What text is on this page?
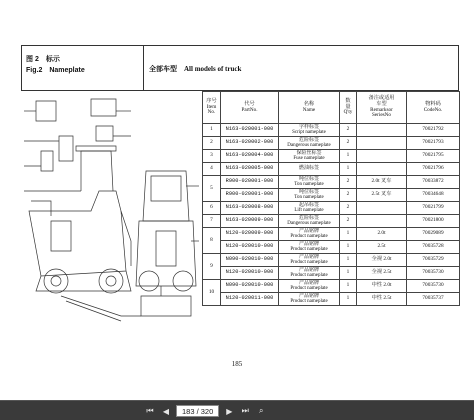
图 2　标示
Fig.2　Nameplate	全部车型 All models of truck
序号
Item
No.	代号
PartNo.	名称
Name	数
量
Q'ty	备注或适用
车型
Remarksor
SeriesNo	物料码
CodeNo.
1	N163-020001-000	字样标签
Script nameplate	2		70021792
2	N163-020002-000	危险标签
Dangerous nameplate	2		70021793
3	N163-020004-000	保险丝标签
Fuse nameplate	1		70021795
4	N163-020005-000	燃油标签	1		70021796
5	R900-020001-000	吨位标签
Ton nameplate	2	2.0t 叉车	70033872
	R900-020001-000	吨位标签
Ton nameplate	2	2.5t 叉车	70034648
6	N163-020008-000	起吊标签
Lift nameplate	2		70021799
7	N163-020009-000	危险标签
Dangerous nameplate	2		70021800
8	N120-020009-000	产品铭牌
Product nameplate	1	2.0t	70029089
	N120-020010-000	产品铭牌
Product nameplate	1	2.5t	70035728
9	N090-020010-000	产品铭牌
Product nameplate	1	全视 2.0t	70035729
	N120-020010-000	产品铭牌
Product nameplate	1	全视 2.5t	70035730
10	N090-020010-000	产品铭牌
Product nameplate	1	中性 2.0t	70035730
	N120-020011-000	产品铭牌
Product nameplate	1	中性 2.5t	70035737
185
⏮	◀	183 / 320	▶	⏭	⌕
